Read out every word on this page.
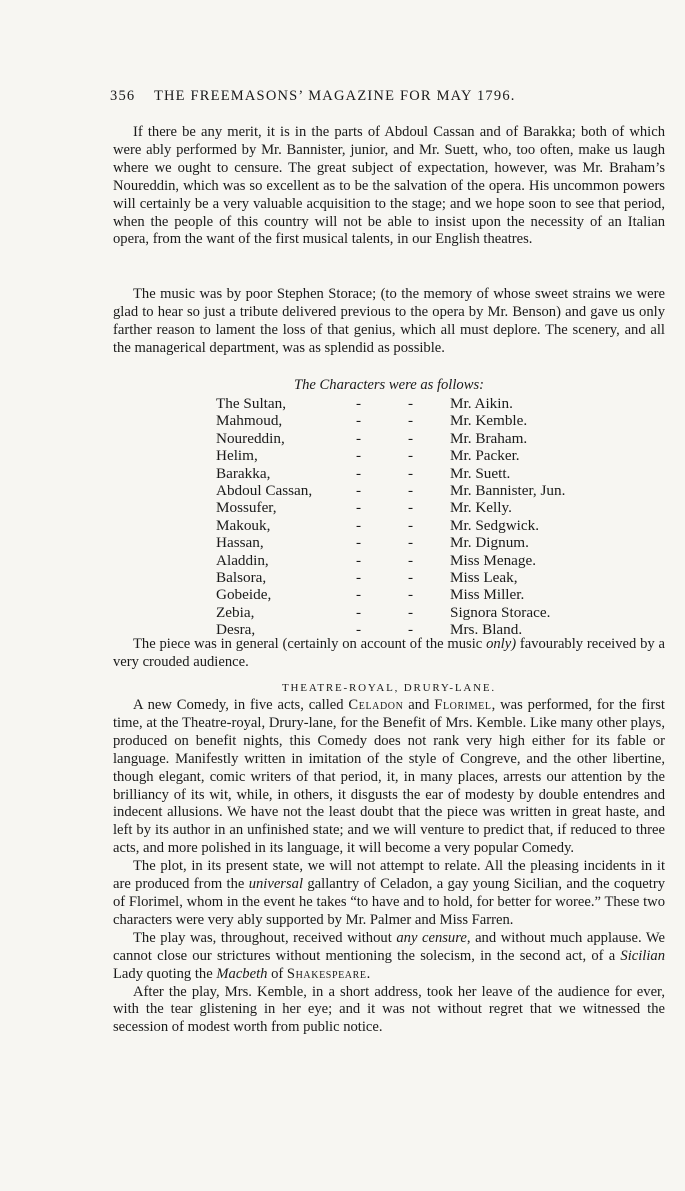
356 THE FREEMASONS’ MAGAZINE FOR MAY 1796.

If there be any merit, it is in the parts of Abdoul Cassan and of Barakka; both of which were ably performed by Mr. Bannister, junior, and Mr. Suett, who, too often, make us laugh where we ought to censure. The great subject of expectation, however, was Mr. Braham’s Noureddin, which was so excellent as to be the salvation of the opera. His uncommon powers will certainly be a very valuable acquisition to the stage; and we hope soon to see that period, when the people of this country will not be able to insist upon the necessity of an Italian opera, from the want of the first musical talents, in our English theatres.

The music was by poor Stephen Storace; (to the memory of whose sweet strains we were glad to hear so just a tribute delivered previous to the opera by Mr. Benson) and gave us only farther reason to lament the loss of that genius, which all must deplore. The scenery, and all the managerical department, was as splendid as possible.

The Characters were as follows:
The Sultan,	-	- Mr. Aikin.
Mahmoud,	-	- Mr. Kemble.
Noureddin,	-	- Mr. Braham.
Helim,	-	- Mr. Packer.
Barakka,	-	- Mr. Suett.
Abdoul Cassan,	-	- Mr. Bannister, Jun.
Mossufer,	-	- Mr. Kelly.
Makouk,	-	- Mr. Sedgwick.
Hassan,	-	- Mr. Dignum.
Aladdin,	-	- Miss Menage.
Balsora,	-	- Miss Leak,
Gobeide,	-	- Miss Miller.
Zebia,	-	- Signora Storace.
Desra,	-	- Mrs. Bland.

The piece was in general (certainly on account of the music only) favourably received by a very crouded audience.

THEATRE-ROYAL, DRURY-LANE.

A new Comedy, in five acts, called Celadon and Florimel, was performed, for the first time, at the Theatre-royal, Drury-lane, for the Benefit of Mrs. Kemble. Like many other plays, produced on benefit nights, this Comedy does not rank very high either for its fable or language. Manifestly written in imitation of the style of Congreve, and the other libertine, though elegant, comic writers of that period, it, in many places, arrests our attention by the brilliancy of its wit, while, in others, it disgusts the ear of modesty by double entendres and indecent allusions. We have not the least doubt that the piece was written in great haste, and left by its author in an unfinished state; and we will venture to predict that, if reduced to three acts, and more polished in its language, it will become a very popular Comedy.

The plot, in its present state, we will not attempt to relate. All the pleasing incidents in it are produced from the universal gallantry of Celadon, a gay young Sicilian, and the coquetry of Florimel, whom in the event he takes “to have and to hold, for better for woree.” These two characters were very ably supported by Mr. Palmer and Miss Farren.

The play was, throughout, received without any censure, and without much applause. We cannot close our strictures without mentioning the solecism, in the second act, of a Sicilian Lady quoting the Macbeth of Shakespeare.

After the play, Mrs. Kemble, in a short address, took her leave of the audience for ever, with the tear glistening in her eye; and it was not without regret that we witnessed the secession of modest worth from public notice.
